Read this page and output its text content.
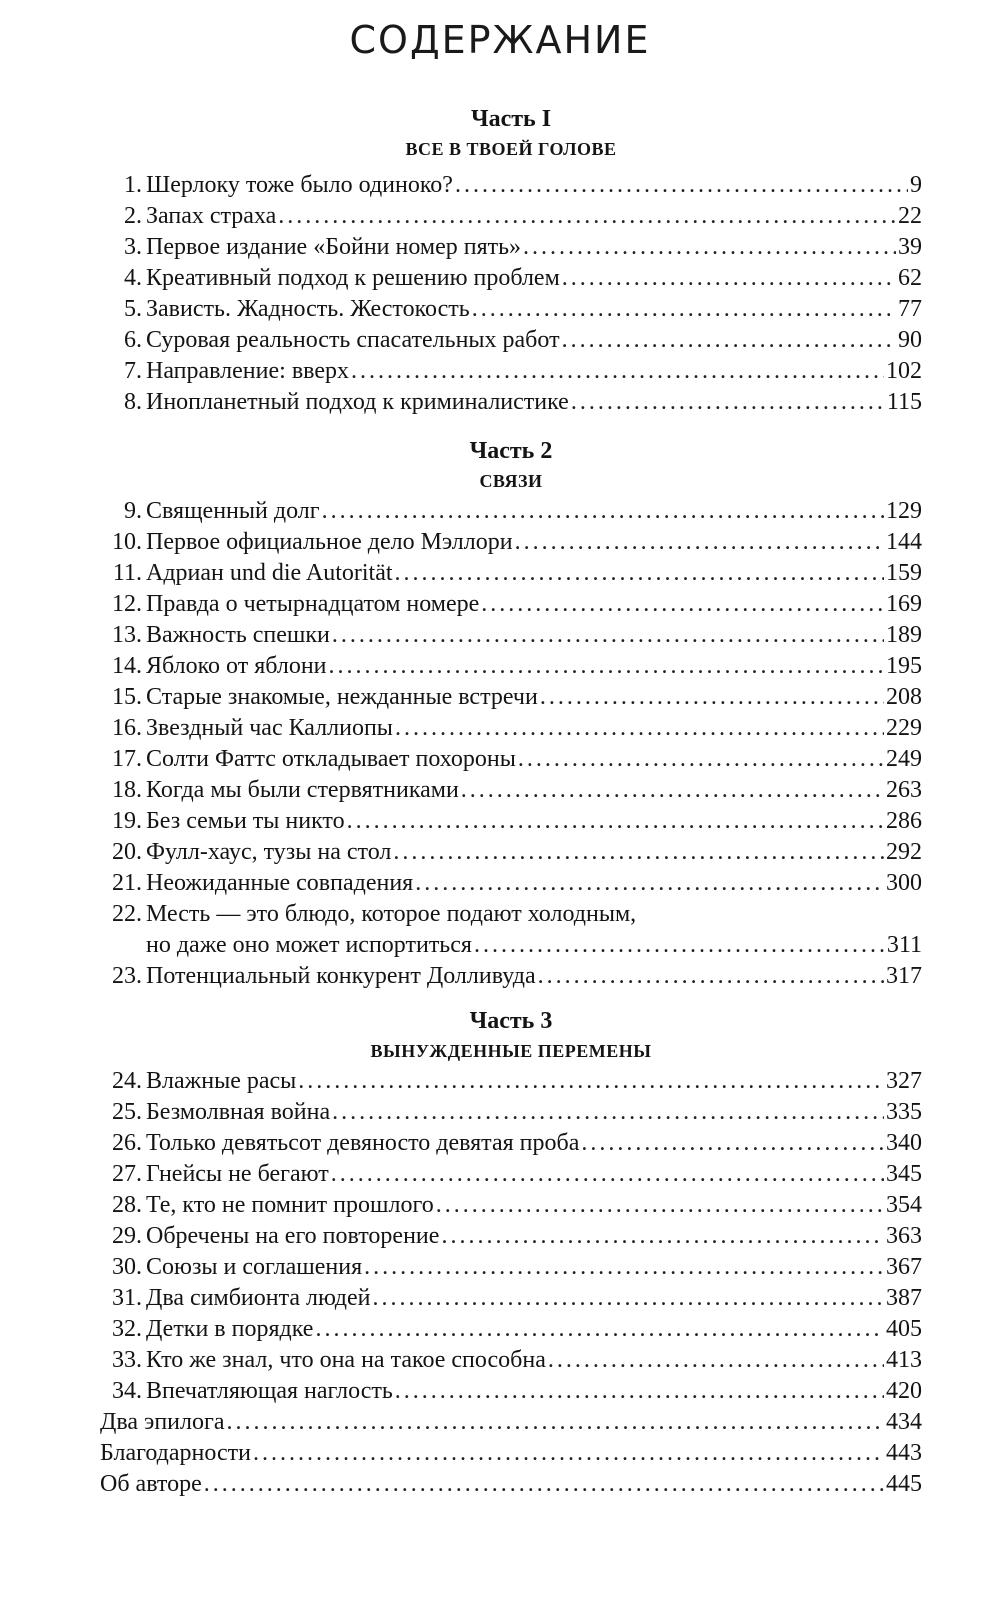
СОДЕРЖАНИЕ
Часть I
ВСЕ В ТВОЕЙ ГОЛОВЕ
1. Шерлоку тоже было одиноко? .....	9
2. Запах страха .....	22
3. Первое издание «Бойни номер пять» .....	39
4. Креативный подход к решению проблем .....	62
5. Зависть. Жадность. Жестокость .....	77
6. Суровая реальность спасательных работ .....	90
7. Направление: вверх .....	102
8. Инопланетный подход к криминалистике .....	115
Часть 2
СВЯЗИ
9. Священный долг .....	129
10. Первое официальное дело Мэллори .....	144
11. Адриан und die Autorität .....	159
12. Правда о четырнадцатом номере .....	169
13. Важность спешки .....	189
14. Яблоко от яблони .....	195
15. Старые знакомые, нежданные встречи .....	208
16. Звездный час Каллиопы .....	229
17. Солти Фаттс откладывает похороны .....	249
18. Когда мы были стервятниками .....	263
19. Без семьи ты никто .....	286
20. Фулл-хаус, тузы на стол .....	292
21. Неожиданные совпадения .....	300
22. Месть — это блюдо, которое подают холодным,
но даже оно может испортиться .....	311
23. Потенциальный конкурент Долливуда .....	317
Часть 3
ВЫНУЖДЕННЫЕ ПЕРЕМЕНЫ
24. Влажные расы .....	327
25. Безмолвная война .....	335
26. Только девятьсот девяносто девятая проба .....	340
27. Гнейсы не бегают .....	345
28. Те, кто не помнит прошлого .....	354
29. Обречены на его повторение .....	363
30. Союзы и соглашения .....	367
31. Два симбионта людей .....	387
32. Детки в порядке .....	405
33. Кто же знал, что она на такое способна .....	413
34. Впечатляющая наглость .....	420
Два эпилога .....	434
Благодарности .....	443
Об авторе .....	445
